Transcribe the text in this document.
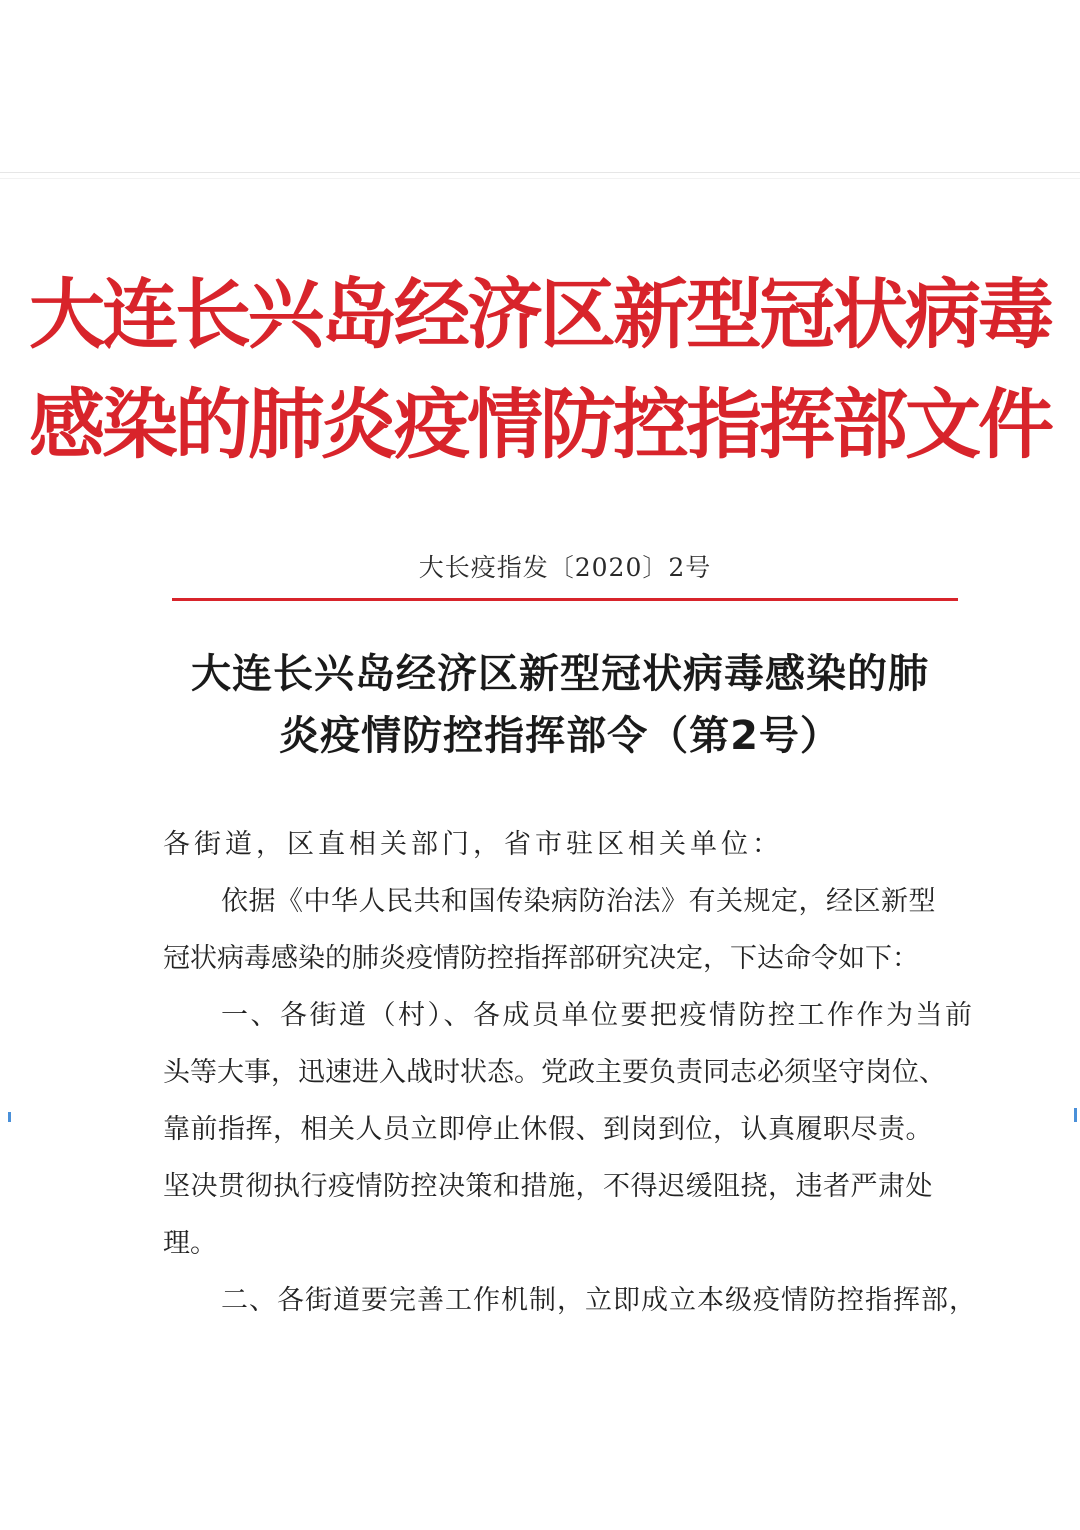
大连长兴岛经济区新型冠状病毒
感染的肺炎疫情防控指挥部文件
大长疫指发〔2020〕2号
大连长兴岛经济区新型冠状病毒感染的肺
炎疫情防控指挥部令（第2号）
各街道，区直相关部门，省市驻区相关单位：
依据《中华人民共和国传染病防治法》有关规定，经区新型
冠状病毒感染的肺炎疫情防控指挥部研究决定，下达命令如下：
一、各街道（村）、各成员单位要把疫情防控工作作为当前
头等大事，迅速进入战时状态。党政主要负责同志必须坚守岗位、
靠前指挥，相关人员立即停止休假、到岗到位，认真履职尽责。
坚决贯彻执行疫情防控决策和措施，不得迟缓阻挠，违者严肃处
理。
二、各街道要完善工作机制，立即成立本级疫情防控指挥部，
